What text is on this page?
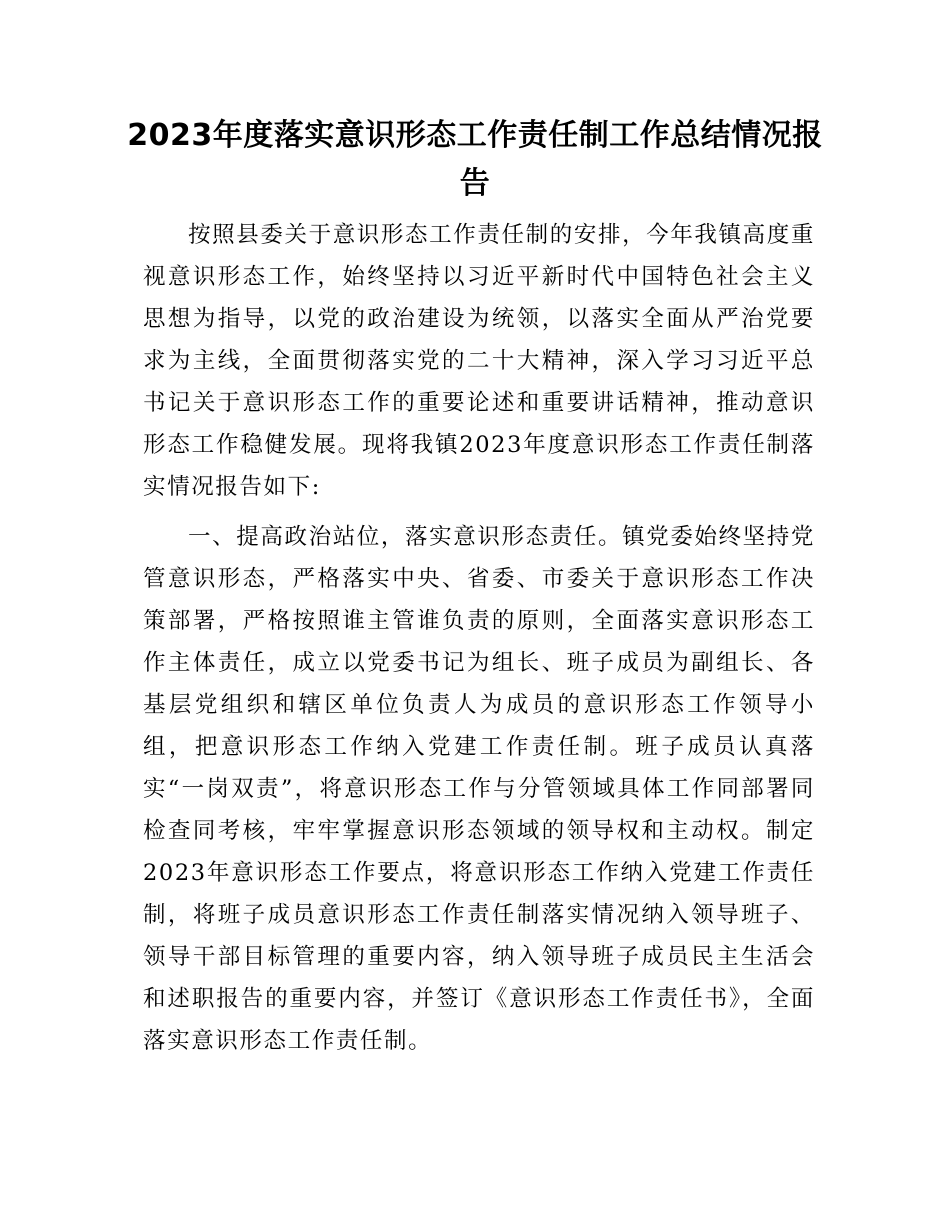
2023年度落实意识形态工作责任制工作总结情况报告

按照县委关于意识形态工作责任制的安排，今年我镇高度重视意识形态工作，始终坚持以习近平新时代中国特色社会主义思想为指导，以党的政治建设为统领，以落实全面从严治党要求为主线，全面贯彻落实党的二十大精神，深入学习习近平总书记关于意识形态工作的重要论述和重要讲话精神，推动意识形态工作稳健发展。现将我镇2023年度意识形态工作责任制落实情况报告如下:

一、提高政治站位，落实意识形态责任。镇党委始终坚持党管意识形态，严格落实中央、省委、市委关于意识形态工作决策部署，严格按照谁主管谁负责的原则，全面落实意识形态工作主体责任，成立以党委书记为组长、班子成员为副组长、各基层党组织和辖区单位负责人为成员的意识形态工作领导小组，把意识形态工作纳入党建工作责任制。班子成员认真落实“一岗双责”，将意识形态工作与分管领域具体工作同部署同检查同考核，牢牢掌握意识形态领域的领导权和主动权。制定2023年意识形态工作要点，将意识形态工作纳入党建工作责任制，将班子成员意识形态工作责任制落实情况纳入领导班子、领导干部目标管理的重要内容，纳入领导班子成员民主生活会和述职报告的重要内容，并签订《意识形态工作责任书》，全面落实意识形态工作责任制。
